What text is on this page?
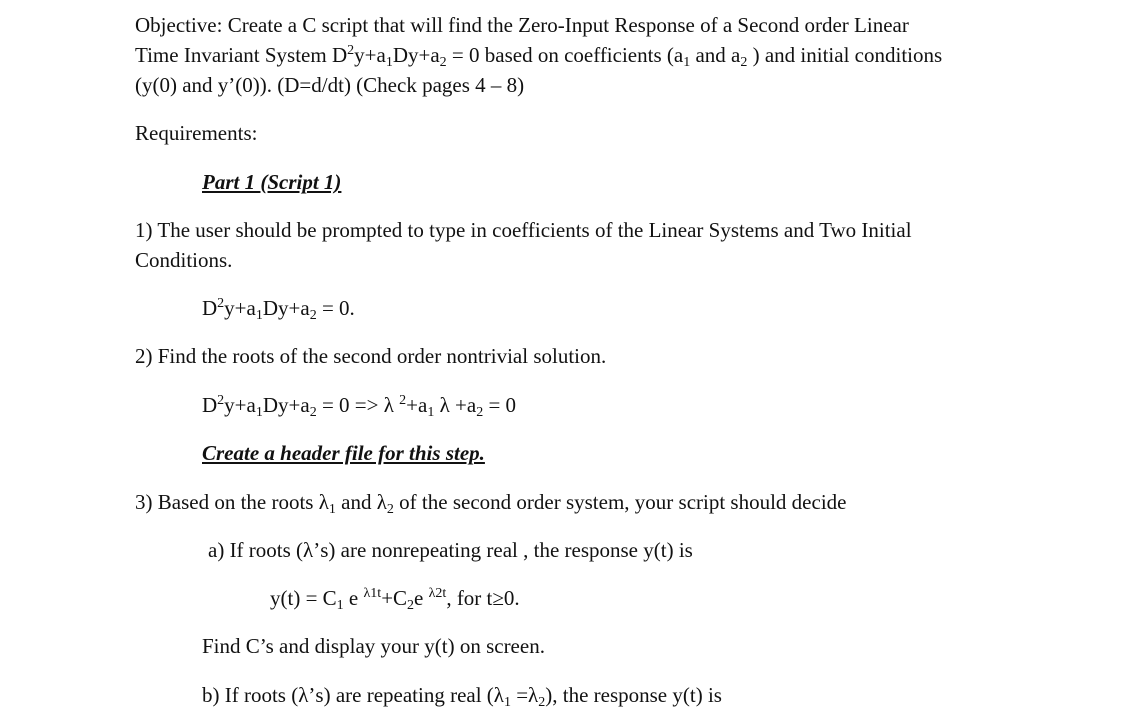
Objective: Create a C script that will find the Zero-Input Response of a Second order Linear
Time Invariant System $D^2y+a_1Dy+a_2 = 0$ based on coefficients ($a_1$ and $a_2$ ) and initial conditions
(y(0) and y’(0)). (D=d/dt) (Check pages 4 – 8)
Requirements:
Part 1 (Script 1)
1) The user should be prompted to type in coefficients of the Linear Systems and Two Initial
Conditions.
$D^2y+a_1Dy+a_2 = 0$.
2) Find the roots of the second order nontrivial solution.
$D^2y+a_1Dy+a_2 = 0 => \lambda$ $^2+a_1$ $\lambda +a_2 = 0$
Create a header file for this step.
3) Based on the roots $\lambda_1$ and $\lambda_2$ of the second order system, your script should decide
a) If roots (λ’s) are nonrepeating real , the response y(t) is
$y(t) = C_1$ e $^{\lambda 1t}+C_2e$ $^{\lambda 2t}$, for t≥0.
Find C’s and display your y(t) on screen.
b) If roots (λ’s) are repeating real $(\lambda_1 =\lambda_2)$, the response y(t) is
